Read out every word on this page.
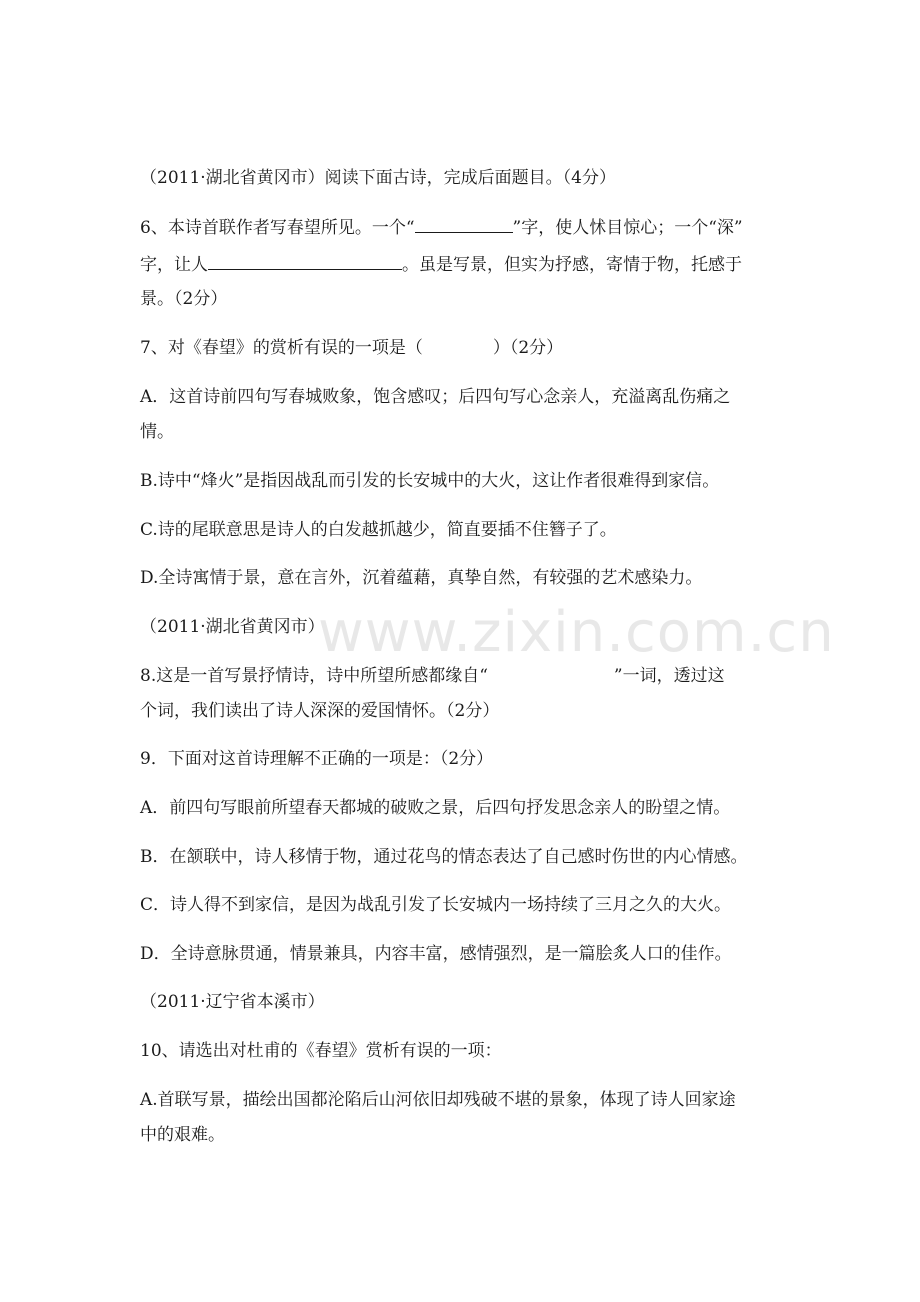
www.zixin.com.cn
（2011·湖北省黄冈市）阅读下面古诗，完成后面题目。（4分）
6、本诗首联作者写春望所见。一个“	”字，使人怵目惊心；一个“深”
字，让人	。虽是写景，但实为抒感，寄情于物，托感于
景。（2分）
7、对《春望》的赏析有误的一项是（	）（2分）
A．这首诗前四句写春城败象，饱含感叹；后四句写心念亲人，充溢离乱伤痛之
情。
B.诗中“烽火”是指因战乱而引发的长安城中的大火，这让作者很难得到家信。
C.诗的尾联意思是诗人的白发越抓越少，简直要插不住簪子了。
D.全诗寓情于景，意在言外，沉着蕴藉，真挚自然，有较强的艺术感染力。
（2011·湖北省黄冈市）
8.这是一首写景抒情诗，诗中所望所感都缘自“	”一词，透过这
个词，我们读出了诗人深深的爱国情怀。（2分）
9．下面对这首诗理解不正确的一项是：（2分）
A．前四句写眼前所望春天都城的破败之景，后四句抒发思念亲人的盼望之情。
B．在颔联中，诗人移情于物，通过花鸟的情态表达了自己感时伤世的内心情感。
C．诗人得不到家信，是因为战乱引发了长安城内一场持续了三月之久的大火。
D．全诗意脉贯通，情景兼具，内容丰富，感情强烈，是一篇脍炙人口的佳作。
（2011·辽宁省本溪市）
10、请选出对杜甫的《春望》赏析有误的一项：
A.首联写景，描绘出国都沦陷后山河依旧却残破不堪的景象，体现了诗人回家途
中的艰难。
